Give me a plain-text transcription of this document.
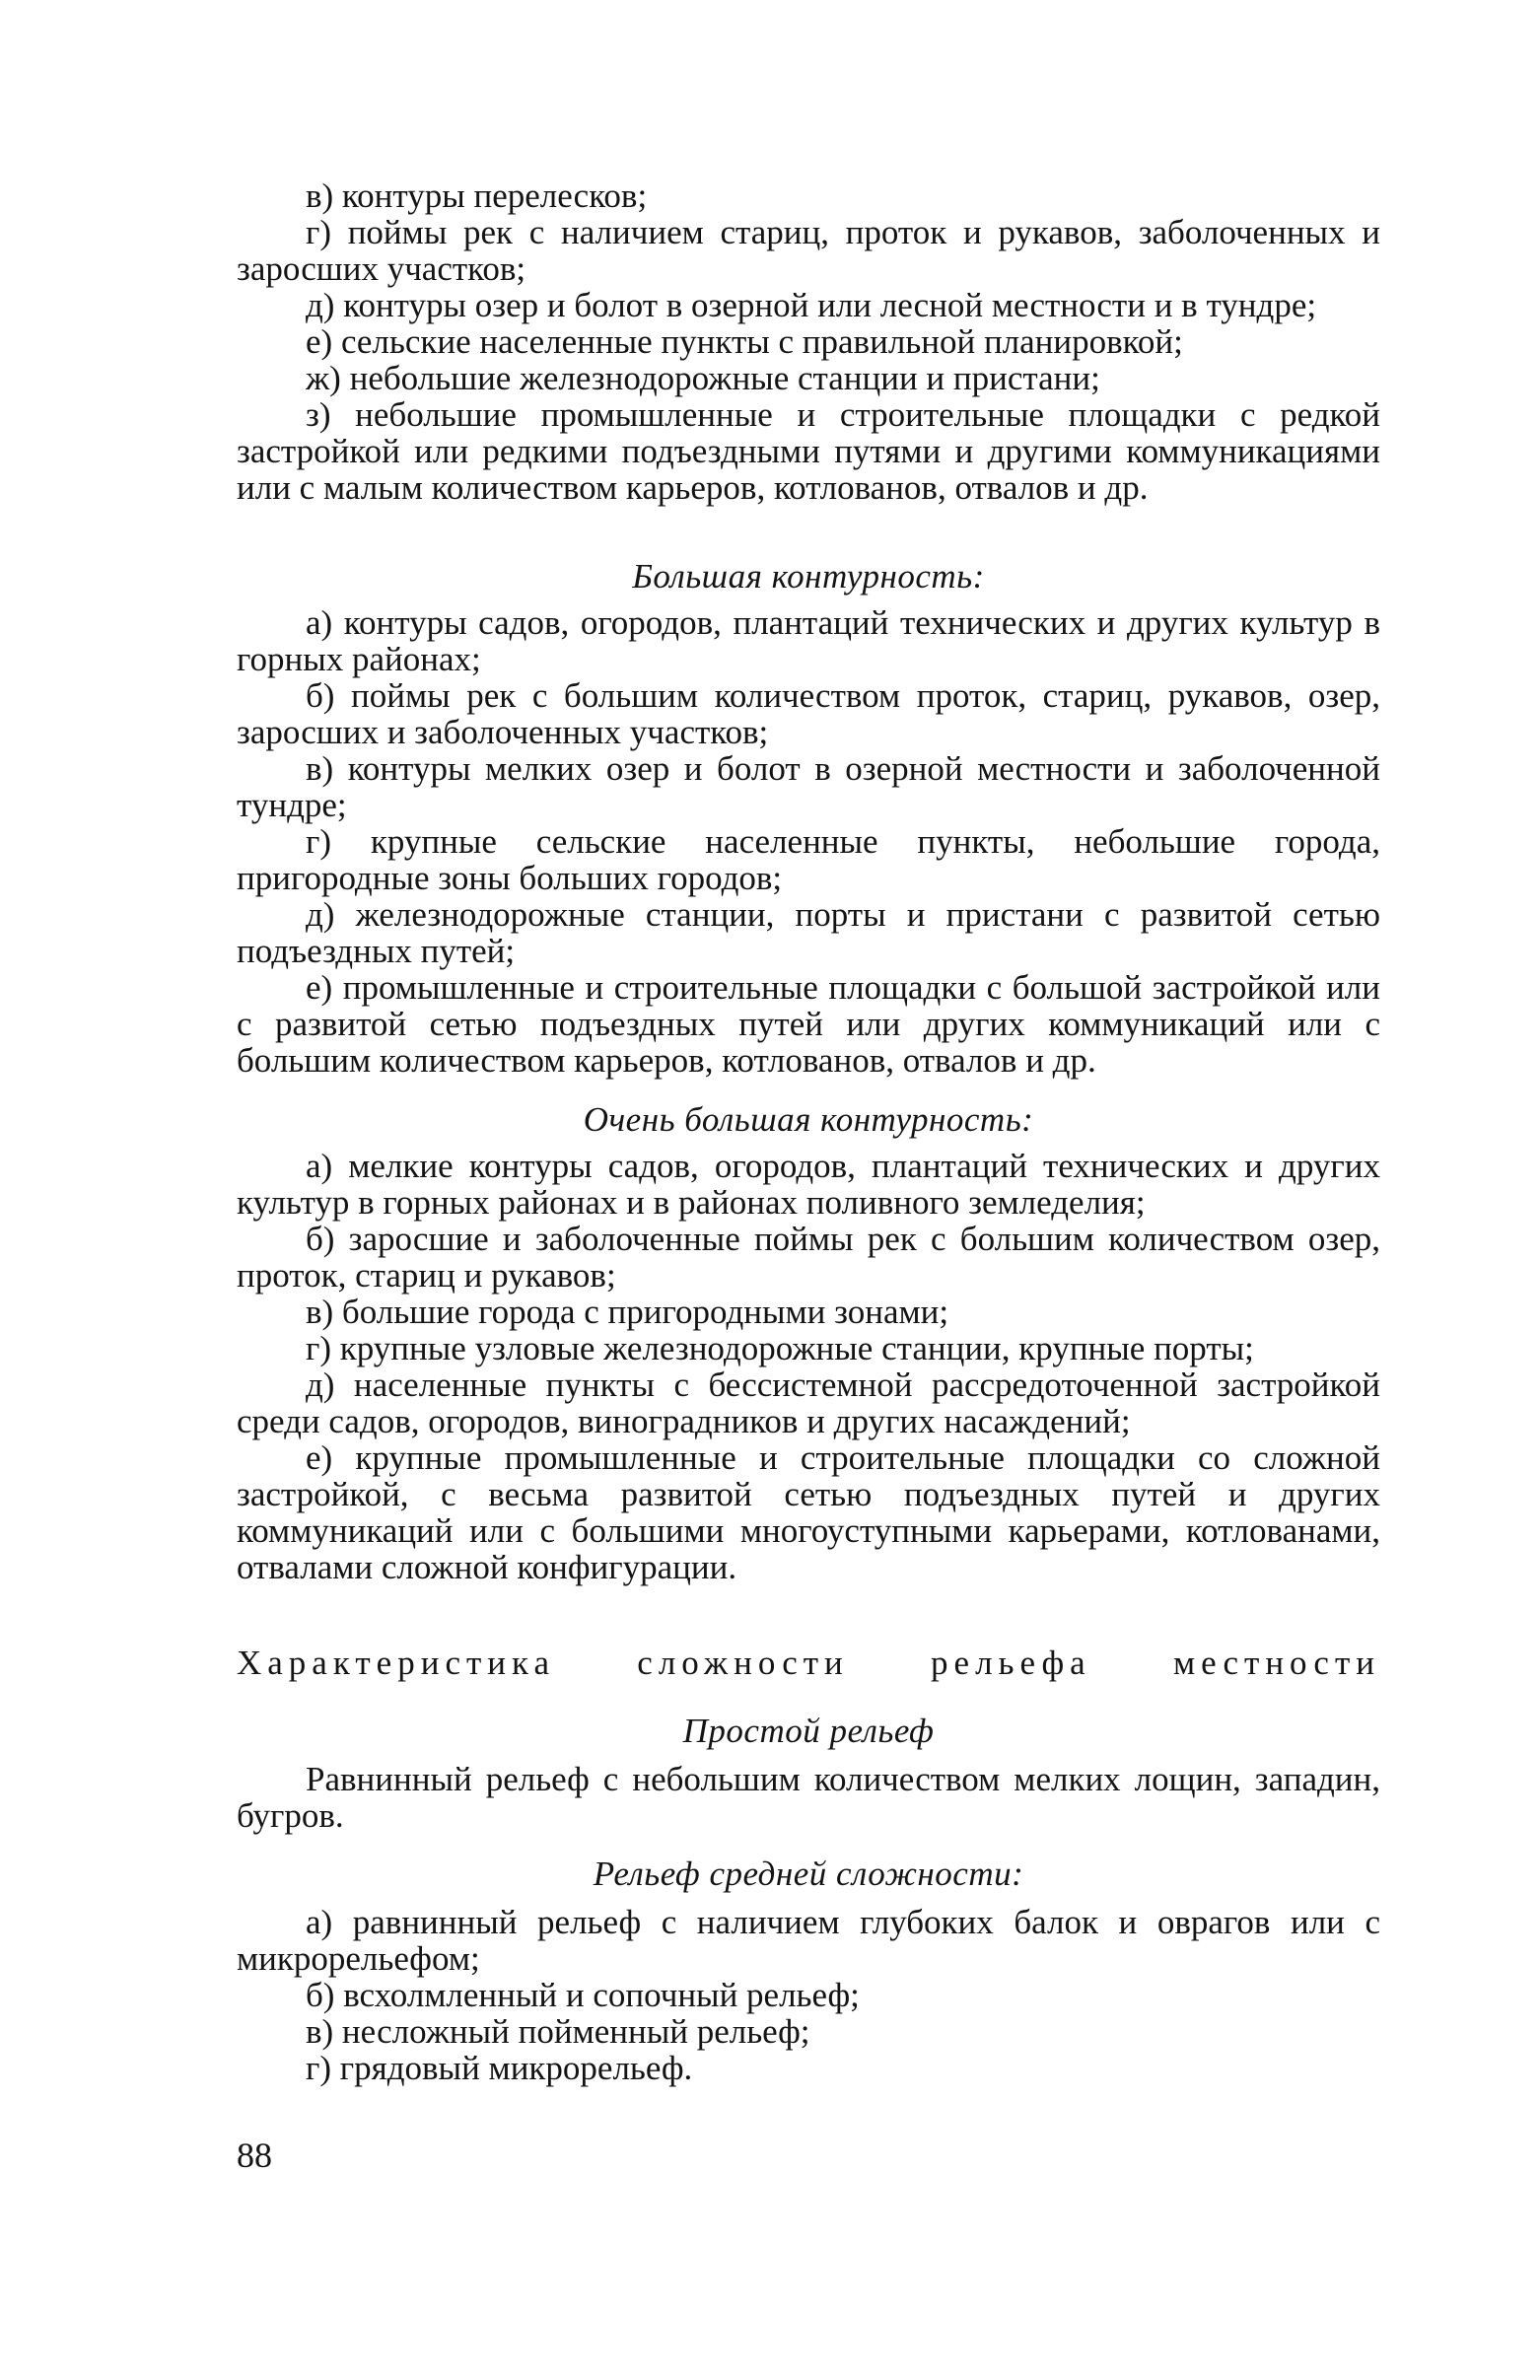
в) контуры перелесков;

г) поймы рек с наличием стариц, проток и рукавов, заболоченных и заросших участков;

д) контуры озер и болот в озерной или лесной местности и в тундре;

е) сельские населенные пункты с правильной планировкой;

ж) небольшие железнодорожные станции и пристани;

з) небольшие промышленные и строительные площадки с редкой застройкой или редкими подъездными путями и другими коммуникациями или с малым количеством карьеров, котлованов, отвалов и др.

Большая контурность:

а) контуры садов, огородов, плантаций технических и других культур в горных районах;

б) поймы рек с большим количеством проток, стариц, рукавов, озер, заросших и заболоченных участков;

в) контуры мелких озер и болот в озерной местности и заболоченной тундре;

г) крупные сельские населенные пункты, небольшие города, пригородные зоны больших городов;

д) железнодорожные станции, порты и пристани с развитой сетью подъездных путей;

е) промышленные и строительные площадки с большой застройкой или с развитой сетью подъездных путей или других коммуникаций или с большим количеством карьеров, котлованов, отвалов и др.

Очень большая контурность:

а) мелкие контуры садов, огородов, плантаций технических и других культур в горных районах и в районах поливного земледелия;

б) заросшие и заболоченные поймы рек с большим количеством озер, проток, стариц и рукавов;

в) большие города с пригородными зонами;

г) крупные узловые железнодорожные станции, крупные порты;

д) населенные пункты с бессистемной рассредоточенной застройкой среди садов, огородов, виноградников и других насаждений;

е) крупные промышленные и строительные площадки со сложной застройкой, с весьма развитой сетью подъездных путей и других коммуникаций или с большими многоуступными карьерами, котлованами, отвалами сложной конфигурации.

Характеристика сложности рельефа местности

Простой рельеф

Равнинный рельеф с небольшим количеством мелких лощин, западин, бугров.

Рельеф средней сложности:

а) равнинный рельеф с наличием глубоких балок и оврагов или с микрорельефом;

б) всхолмленный и сопочный рельеф;

в) несложный пойменный рельеф;

г) грядовый микрорельеф.

88
